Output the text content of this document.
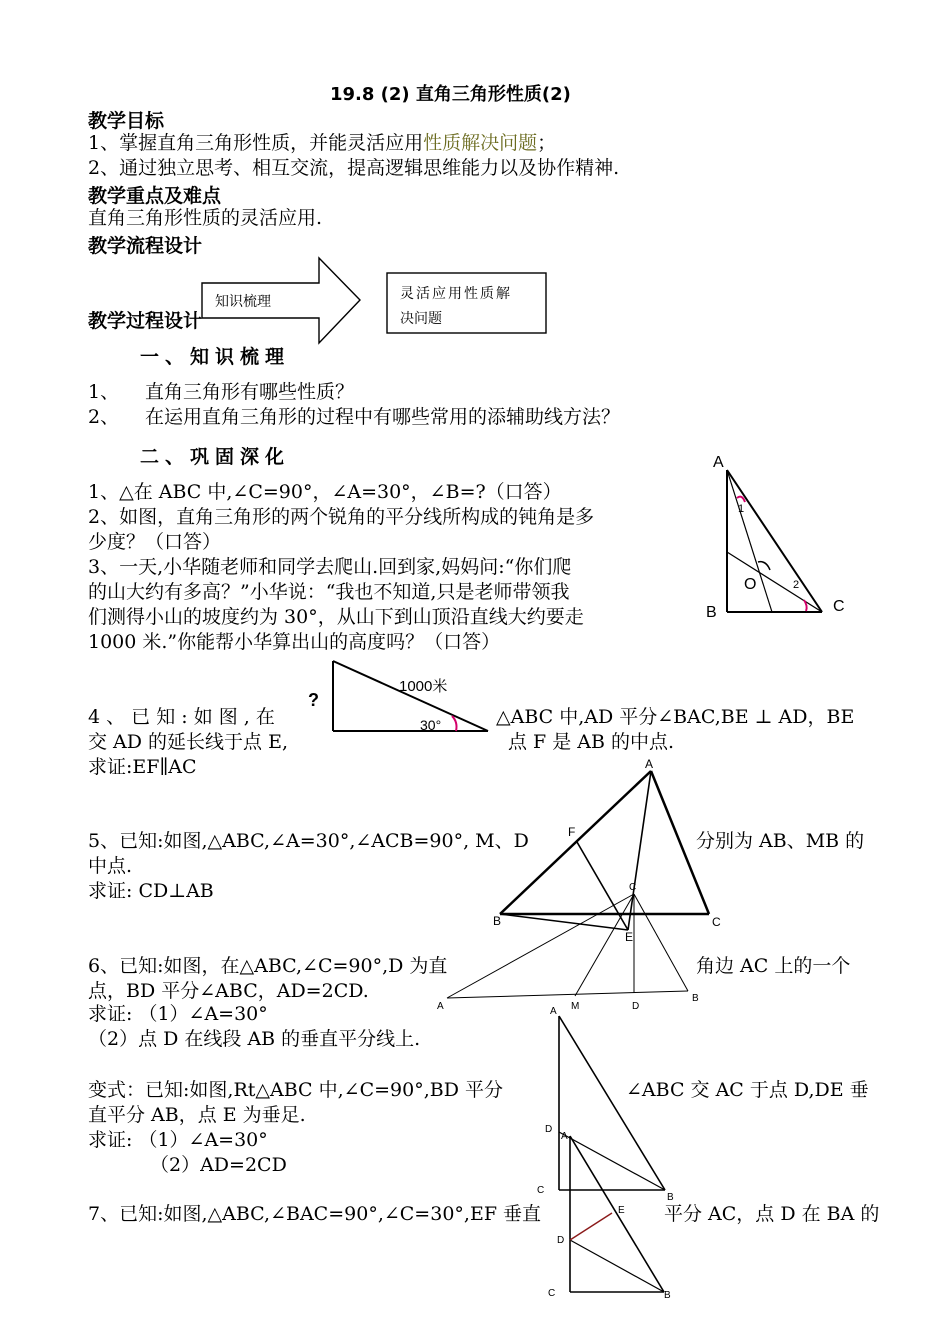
19.8 (2) 直角三角形性质(2)
教学目标
1、掌握直角三角形性质，并能灵活应用性质解决问题；
2、通过独立思考、相互交流，提高逻辑思维能力以及协作精神.
教学重点及难点
直角三角形性质的灵活应用.
教学流程设计
教学过程设计
知识梳理	灵活应用性质解
决问题
一、知识梳理
1、 直角三角形有哪些性质？
2、 在运用直角三角形的过程中有哪些常用的添辅助线方法？
二、巩固深化
1、△在 ABC 中,∠C=90°，∠A=30°，∠B=?（口答）
2、如图，直角三角形的两个锐角的平分线所构成的钝角是多
少度？（口答）
3、一天,小华随老师和同学去爬山.回到家,妈妈问:“你们爬
的山大约有多高？”小华说：“我也不知道,只是老师带领我
们测得小山的坡度约为 30°，从山下到山顶沿直线大约要走
1000 米.”你能帮小华算出山的高度吗？（口答）
4 、 已 知 : 如 图 , 在	△ABC 中,AD 平分∠BAC,BE ⊥ AD，BE
交 AD 的延长线于点 E,	点 F 是 AB 的中点.
求证:EF∥AC
5、已知:如图,△ABC,∠A=30°,∠ACB=90°, M、D	分别为 AB、MB 的
中点.
求证: CD⊥AB
6、已知:如图，在△ABC,∠C=90°,D 为直	角边 AC 上的一个
点，BD 平分∠ABC，AD=2CD.
求证: （1）∠A=30°
（2）点 D 在线段 AB 的垂直平分线上.
变式：已知:如图,Rt△ABC 中,∠C=90°,BD 平分	∠ABC 交 AC 于点 D,DE 垂
直平分 AB，点 E 为垂足.
求证: （1）∠A=30°
（2）AD=2CD
7、已知:如图,△ABC,∠BAC=90°,∠C=30°,EF 垂直	平分 AC，点 D 在 BA 的
A
B	C
O
1
2
?
1000米
30°
A
B	C
E
F
A
B
C
D
M
A
D
C
A
D
E
C	B
B
